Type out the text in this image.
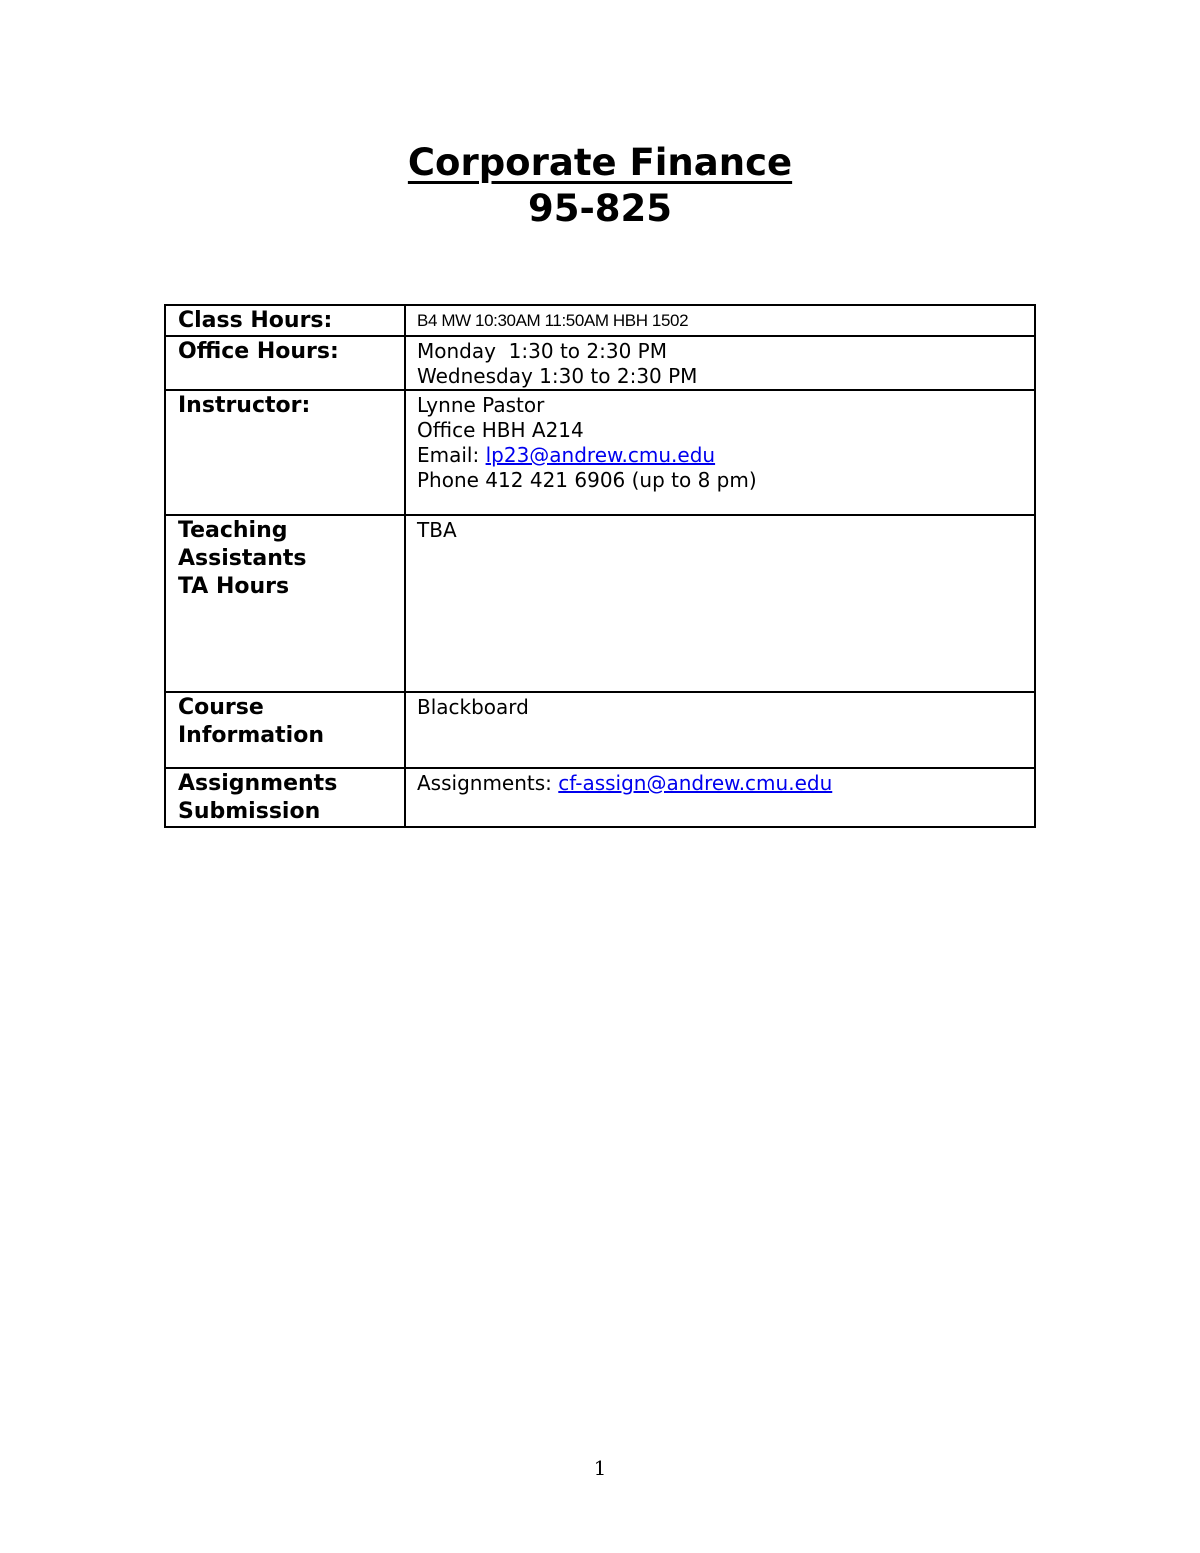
Corporate Finance

95-825

Class Hours:	B4 MW 10:30AM 11:50AM HBH 1502

Office Hours:	Monday  1:30 to 2:30 PM
Wednesday 1:30 to 2:30 PM

Instructor:	Lynne Pastor
Office HBH A214
Email: lp23@andrew.cmu.edu
Phone 412 421 6906 (up to 8 pm)

Teaching
Assistants
TA Hours	TBA

Course
Information	Blackboard

Assignments
Submission	Assignments: cf-assign@andrew.cmu.edu
1
